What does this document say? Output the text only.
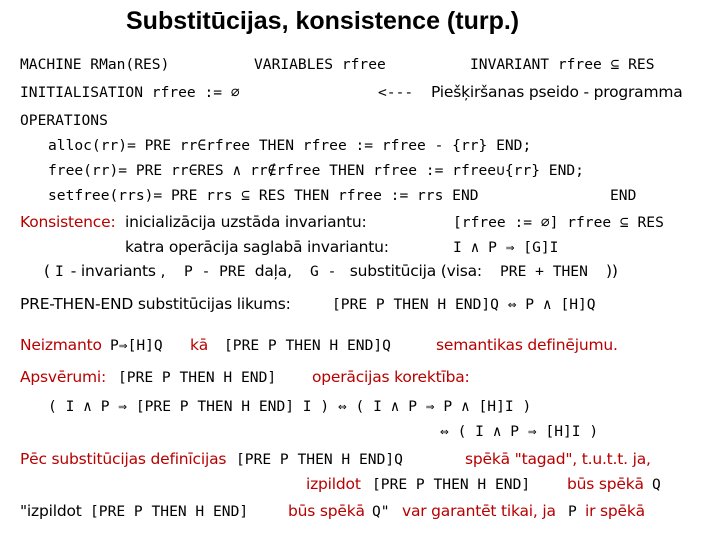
Substitūcijas, konsistence (turp.)
MACHINE RMan(RES)	VARIABLES rfree	INVARIANT rfree ⊆ RES
INITIALISATION rfree := ∅	<--- Piešķiršanas pseido - programma
OPERATIONS
alloc(rr)= PRE rr∈rfree THEN rfree := rfree - {rr} END;
free(rr)= PRE rr∈RES ∧ rr∉rfree THEN rfree := rfree∪{rr} END;
setfree(rrs)= PRE rrs ⊆ RES THEN rfree := rrs END	END
Konsistence: inicializācija uzstāda invariantu:	[rfree := ∅] rfree ⊆ RES
katra operācija saglabā invariantu:	I ∧ P ⇒ [G]I
( I - invariants , P - PRE daļa, G - substitūcija (visa: PRE + THEN ))
PRE-THEN-END substitūcijas likums:	[PRE P THEN H END]Q ⇔ P ∧ [H]Q
Neizmanto P⇒[H]Q kā [PRE P THEN H END]Q	semantikas definējumu.
Apsvērumi: [PRE P THEN H END] operācijas korektība:
( I ∧ P ⇒ [PRE P THEN H END] I ) ⇔ ( I ∧ P ⇒ P ∧ [H]I )
⇔ ( I ∧ P ⇒ [H]I )
Pēc substitūcijas definīcijas [PRE P THEN H END]Q	spēkā "tagad", t.u.t.t. ja,
izpildot [PRE P THEN H END] būs spēkā Q
"izpildot [PRE P THEN H END]	būs spēkā Q" var garantēt tikai, ja P ir spēkā
